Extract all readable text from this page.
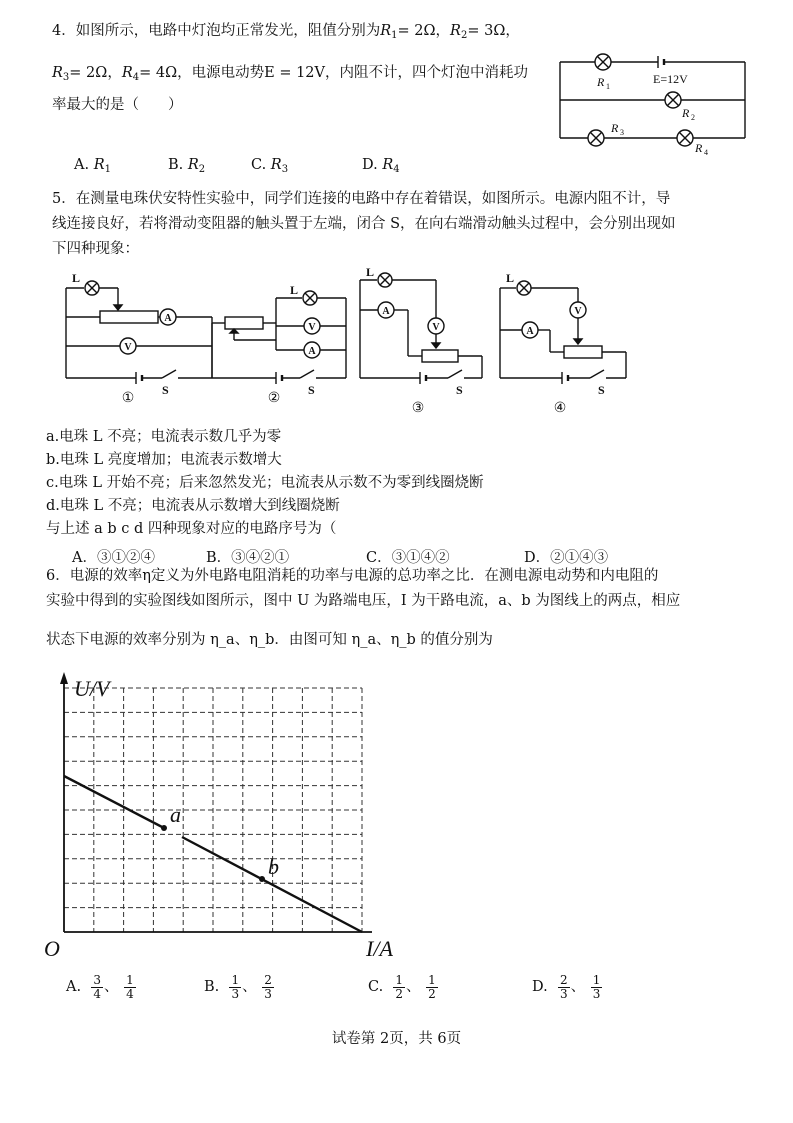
4．如图所示，电路中灯泡均正常发光，阻值分别为$R_1= 2\Omega$，$R_2= 3\Omega$，
$R_3= 2\Omega$，$R_4= 4\Omega$，电源电动势E = 12V，内阻不计，四个灯泡中消耗功
率最大的是（　　）
A. $R_1$	B. $R_2$	C. $R_3$	D. $R_4$
R 1
E=12V
R 2
R 3
R 4
5．在测量电珠伏安特性实验中，同学们连接的电路中存在着错误，如图所示。电源内阻不计，导
线连接良好，若将滑动变阻器的触头置于左端，闭合 S，在向右端滑动触头过程中，会分别出现如
下四种现象：
A
V
V
A
A
V
V
A
L
L
L	L
S	S	S	S
①	②
③	④
a.电珠 L 不亮；电流表示数几乎为零
b.电珠 L 亮度增加；电流表示数增大
c.电珠 L 开始不亮；后来忽然发光；电流表从示数不为零到线圈烧断
d.电珠 L 不亮；电流表从示数增大到线圈烧断
与上述 a b c d 四种现象对应的电路序号为（
A．③①②④	B．③④②①	C．③①④②	D．②①④③
6．电源的效率η定义为外电路电阻消耗的功率与电源的总功率之比．在测电源电动势和内电阻的
实验中得到的实验图线如图所示，图中 U 为路端电压，I 为干路电流，a、b 为图线上的两点，相应
状态下电源的效率分别为 η_a、η_b．由图可知 η_a、η_b 的值分别为
U/V
I/A
O
a
b
A. $\frac{3}{4}$ 、 $\frac{1}{4}$	B. $\frac{1}{3}$ 、 $\frac{2}{3}$	C. $\frac{1}{2}$ 、 $\frac{1}{2}$	D. $\frac{2}{3}$ 、 $\frac{1}{3}$
试卷第 2页，共 6页
